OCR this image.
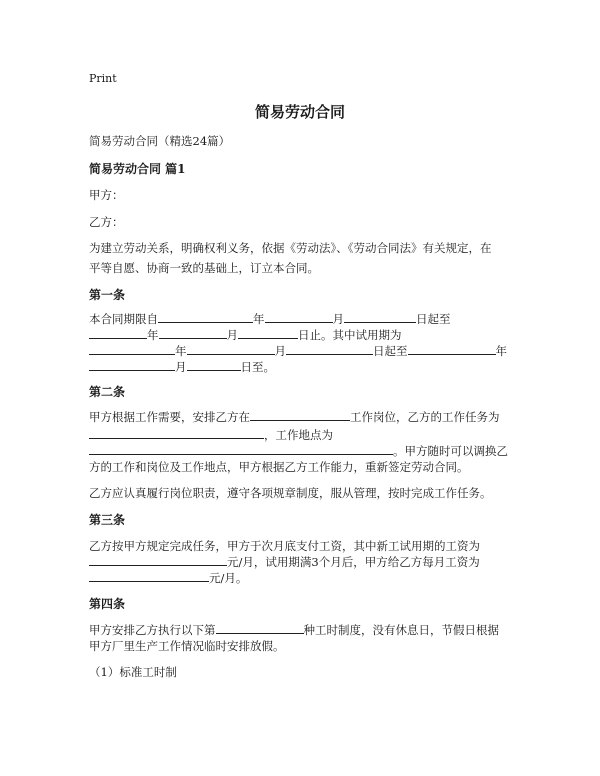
Print
简易劳动合同

简易劳动合同（精选24篇）

简易劳动合同 篇1

甲方：

乙方：

为建立劳动关系，明确权利义务，依据《劳动法》、《劳动合同法》有关规定，在

平等自愿、协商一致的基础上，订立本合同。

第一条

本合同期限自	年	月	日起至

年	月	日止。其中试用期为

年	月	日起至	年

月	日至。

第二条

甲方根据工作需要，安排乙方在	工作岗位，乙方的工作任务为

，工作地点为

。甲方随时可以调换乙

方的工作和岗位及工作地点，甲方根据乙方工作能力，重新签定劳动合同。

乙方应认真履行岗位职责，遵守各项规章制度，服从管理，按时完成工作任务。

第三条

乙方按甲方规定完成任务，甲方于次月底支付工资，其中新工试用期的工资为

元/月，试用期满3个月后，甲方给乙方每月工资为

元/月。

第四条

甲方安排乙方执行以下第	种工时制度，没有休息日，节假日根据

甲方厂里生产工作情况临时安排放假。

（1）标准工时制
